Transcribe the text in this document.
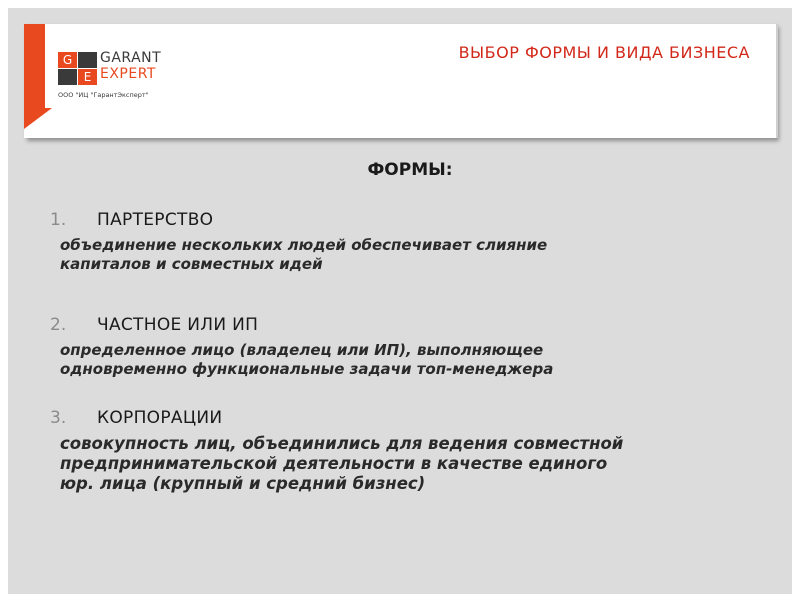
G
E
GARANT
EXPERT
ООО "ИЦ "ГарантЭксперт"
ВЫБОР ФОРМЫ И ВИДА БИЗНЕСА
ФОРМЫ:
1. ПАРТЕРСТВО
объединение нескольких людей обеспечивает слияние
капиталов и совместных идей
2. ЧАСТНОЕ ИЛИ ИП
определенное лицо (владелец или ИП), выполняющее
одновременно функциональные задачи топ-менеджера
3. КОРПОРАЦИИ
совокупность лиц, объединились для ведения совместной
предпринимательской деятельности в качестве единого
юр. лица (крупный и средний бизнес)
